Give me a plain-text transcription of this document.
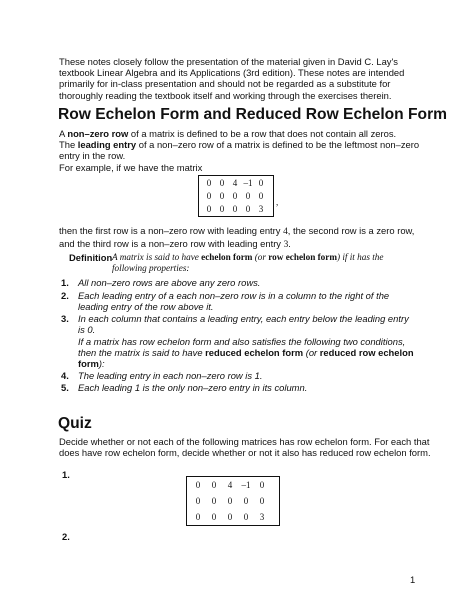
These notes closely follow the presentation of the material given in David C. Lay's textbook Linear Algebra and its Applications (3rd edition). These notes are intended primarily for in-class presentation and should not be regarded as a substitute for thoroughly reading the textbook itself and working through the exercises therein.

Row Echelon Form and Reduced Row Echelon Form

A non–zero row of a matrix is defined to be a row that does not contain all zeros.

The leading entry of a non–zero row of a matrix is defined to be the leftmost non–zero entry in the row.

For example, if we have the matrix

0 0 4 –1 0
0 0 0 0 0
0 0 0 0 3
,

then the first row is a non–zero row with leading entry 4, the second row is a zero row, and the third row is a non–zero row with leading entry 3.

Definition A matrix is said to have echelon form (or row echelon form) if it has the following properties:

1. All non–zero rows are above any zero rows.

2. Each leading entry of a each non–zero row is in a column to the right of the leading entry of the row above it.

3. In each column that contains a leading entry, each entry below the leading entry is 0.

If a matrix has row echelon form and also satisfies the following two conditions, then the matrix is said to have reduced echelon form (or reduced row echelon form):

4. The leading entry in each non–zero row is 1.

5. Each leading 1 is the only non–zero entry in its column.

Quiz

Decide whether or not each of the following matrices has row echelon form. For each that does have row echelon form, decide whether or not it also has reduced row echelon form.

1.

0	0	4	–1	0
0	0	0	0	0
0	0	0	0	3

2.

1
